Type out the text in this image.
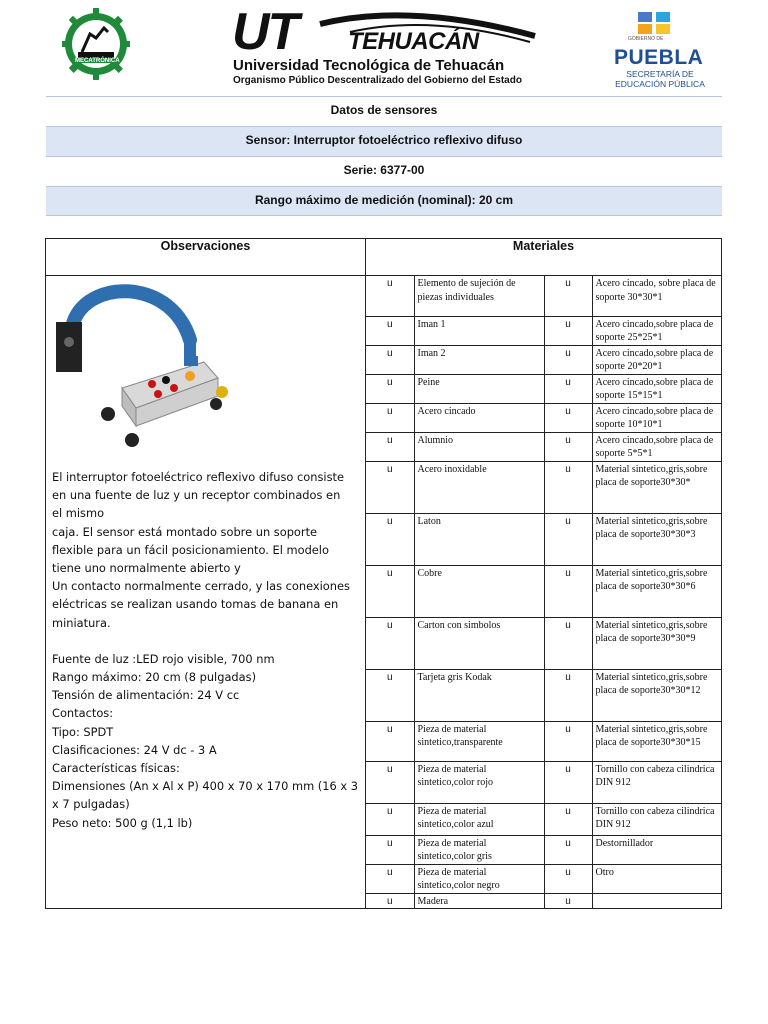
MECATRÓNICA UT TEHUACÁN
Universidad Tecnológica de Tehuacán
Organismo Público Descentralizado del Gobierno del Estado
GOBIERNO DE
PUEBLA
SECRETARÍA DE EDUCACIÓN PÚBLICA
Datos de sensores
Sensor: Interruptor fotoeléctrico reflexivo difuso
Serie: 6377-00
Rango máximo de medición (nominal): 20 cm
Observaciones	Materiales

El interruptor fotoeléctrico reflexivo difuso consiste

en una fuente de luz y un receptor combinados en

el mismo

caja. El sensor está montado sobre un soporte

flexible para un fácil posicionamiento. El modelo

tiene uno normalmente abierto y

Un contacto normalmente cerrado, y las conexiones

eléctricas se realizan usando tomas de banana en

miniatura.

Fuente de luz :LED rojo visible, 700 nm

Rango máximo: 20 cm (8 pulgadas)

Tensión de alimentación: 24 V cc

Contactos:

Tipo: SPDT

Clasificaciones: 24 V dc - 3 A

Características físicas:

Dimensiones (An x Al x P) 400 x 70 x 170 mm (16 x 3

x 7 pulgadas)

Peso neto: 500 g (1,1 lb)

u	Elemento de sujeción de piezas individuales	u	Acero cincado, sobre placa de soporte 30*30*1
u	Iman 1	u	Acero cincado,sobre placa de soporte 25*25*1
u	Iman 2	u	Acero cincado,sobre placa de soporte 20*20*1
u	Peine	u	Acero cincado,sobre placa de soporte 15*15*1
u	Acero cincado	u	Acero cincado,sobre placa de soporte 10*10*1
u	Alumnio	u	Acero cincado,sobre placa de soporte 5*5*1
u	Acero inoxidable	u	Material sintetico,gris,sobre placa de soporte30*30*
u	Laton	u	Material sintetico,gris,sobre placa de soporte30*30*3
u	Cobre	u	Material sintetico,gris,sobre placa de soporte30*30*6
u	Carton con simbolos	u	Material sintetico,gris,sobre placa de soporte30*30*9
u	Tarjeta gris Kodak	u	Material sintetico,gris,sobre placa de soporte30*30*12
u	Pieza de material sintetico,transparente	u	Material sintetico,gris,sobre placa de soporte30*30*15
u	Pieza de material sintetico,color rojo	u	Tornillo con cabeza cilindrica DIN 912
u	Pieza de material sintetico,color azul	u	Tornillo con cabeza cilindrica DIN 912
u	Pieza de material sintetico,color gris	u	Destornillador
u	Pieza de material sintetico,color negro	u	Otro
u	Madera	u	
